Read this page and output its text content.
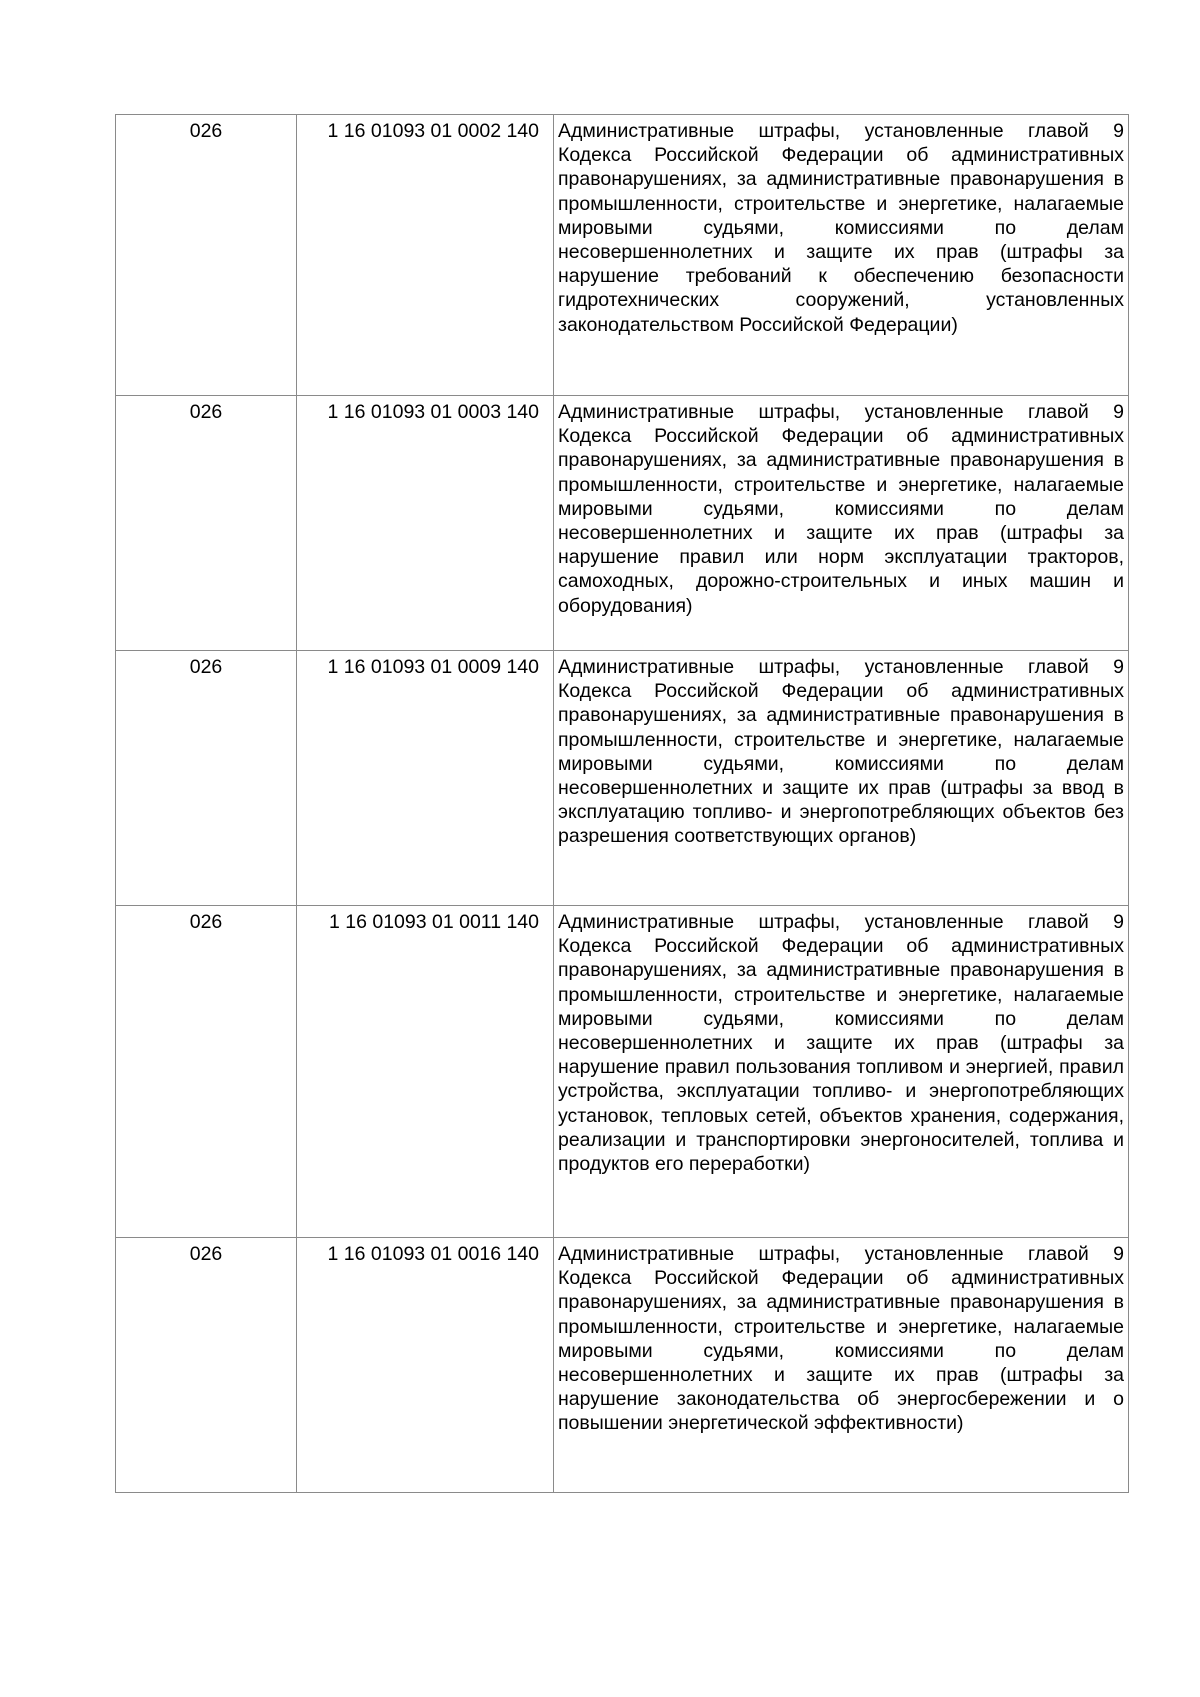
026	1 16 01093 01 0002 140	Административные штрафы, установленные главой 9 Кодекса Российской Федерации об административных правонарушениях, за административные правонарушения в промышленности, строительстве и энергетике, налагаемые мировыми судьями, комиссиями по делам несовершеннолетних и защите их прав (штрафы за нарушение требований к обеспечению безопасности гидротехнических сооружений, установленных законодательством Российской Федерации)
026	1 16 01093 01 0003 140	Административные штрафы, установленные главой 9 Кодекса Российской Федерации об административных правонарушениях, за административные правонарушения в промышленности, строительстве и энергетике, налагаемые мировыми судьями, комиссиями по делам несовершеннолетних и защите их прав (штрафы за нарушение правил или норм эксплуатации тракторов, самоходных, дорожно-строительных и иных машин и оборудования)
026	1 16 01093 01 0009 140	Административные штрафы, установленные главой 9 Кодекса Российской Федерации об административных правонарушениях, за административные правонарушения в промышленности, строительстве и энергетике, налагаемые мировыми судьями, комиссиями по делам несовершеннолетних и защите их прав (штрафы за ввод в эксплуатацию топливо- и энергопотребляющих объектов без разрешения соответствующих органов)
026	1 16 01093 01 0011 140	Административные штрафы, установленные главой 9 Кодекса Российской Федерации об административных правонарушениях, за административные правонарушения в промышленности, строительстве и энергетике, налагаемые мировыми судьями, комиссиями по делам несовершеннолетних и защите их прав (штрафы за нарушение правил пользования топливом и энергией, правил устройства, эксплуатации топливо- и энергопотребляющих установок, тепловых сетей, объектов хранения, содержания, реализации и транспортировки энергоносителей, топлива и продуктов его переработки)
026	1 16 01093 01 0016 140	Административные штрафы, установленные главой 9 Кодекса Российской Федерации об административных правонарушениях, за административные правонарушения в промышленности, строительстве и энергетике, налагаемые мировыми судьями, комиссиями по делам несовершеннолетних и защите их прав (штрафы за нарушение законодательства об энергосбережении и о повышении энергетической эффективности)
